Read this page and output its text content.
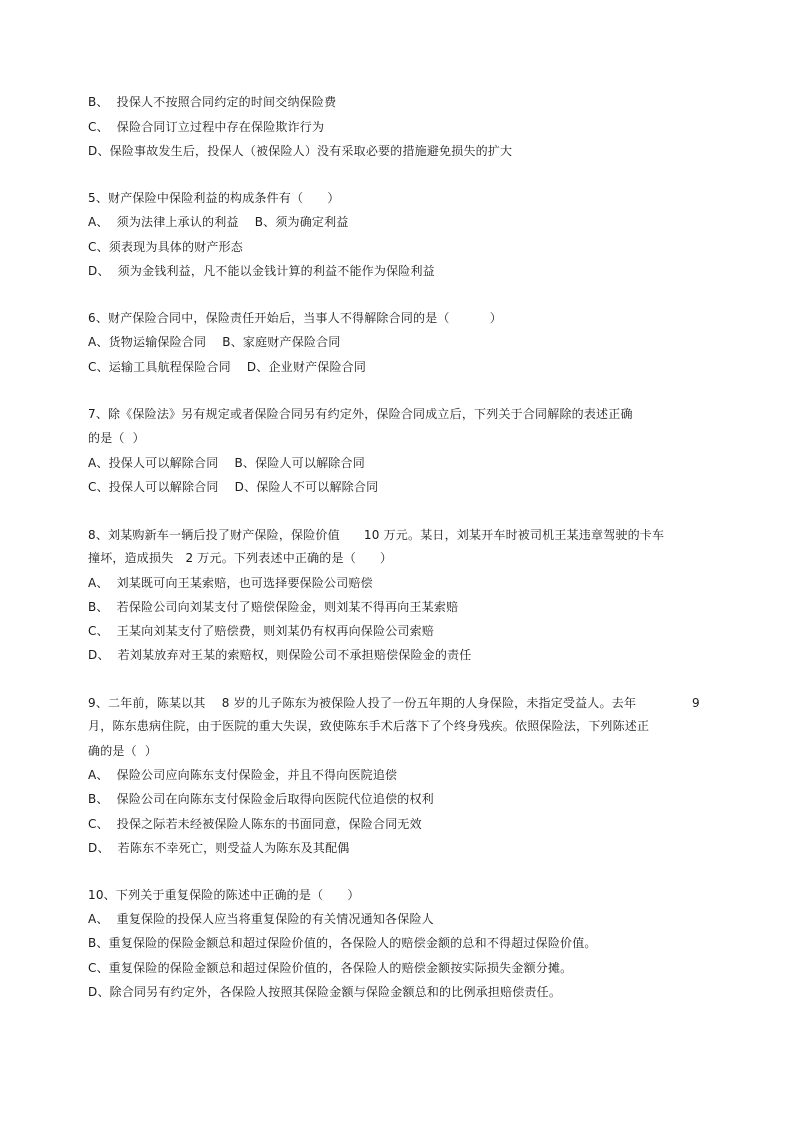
B、  投保人不按照合同约定的时间交纳保险费
C、  保险合同订立过程中存在保险欺诈行为
D、保险事故发生后，投保人（被保险人）没有采取必要的措施避免损失的扩大
5、财产保险中保险利益的构成条件有（      ）
A、  须为法律上承认的利益    B、须为确定利益
C、须表现为具体的财产形态
D、  须为金钱利益，凡不能以金钱计算的利益不能作为保险利益
6、财产保险合同中，保险责任开始后，当事人不得解除合同的是（          ）
A、货物运输保险合同    B、家庭财产保险合同
C、运输工具航程保险合同    D、企业财产保险合同
7、除《保险法》另有规定或者保险合同另有约定外，保险合同成立后，下列关于合同解除的表述正确
的是（  ）
A、投保人可以解除合同    B、保险人可以解除合同
C、投保人可以解除合同    D、保险人不可以解除合同
8、刘某购新车一辆后投了财产保险，保险价值      10 万元。某日，刘某开车时被司机王某违章驾驶的卡车
撞坏，造成损失   2 万元。下列表述中正确的是（      ）
A、  刘某既可向王某索赔，也可选择要保险公司赔偿
B、  若保险公司向刘某支付了赔偿保险金，则刘某不得再向王某索赔
C、  王某向刘某支付了赔偿费，则刘某仍有权再向保险公司索赔
D、  若刘某放弃对王某的索赔权，则保险公司不承担赔偿保险金的责任
9、二年前，陈某以其    8 岁的儿子陈东为被保险人投了一份五年期的人身保险，未指定受益人。去年	9
月，陈东患病住院，由于医院的重大失误，致使陈东手术后落下了个终身残疾。依照保险法，下列陈述正
确的是（  ）
A、  保险公司应向陈东支付保险金，并且不得向医院追偿
B、  保险公司在向陈东支付保险金后取得向医院代位追偿的权利
C、  投保之际若未经被保险人陈东的书面同意，保险合同无效
D、  若陈东不幸死亡，则受益人为陈东及其配偶
10、下列关于重复保险的陈述中正确的是（      ）
A、  重复保险的投保人应当将重复保险的有关情况通知各保险人
B、重复保险的保险金额总和超过保险价值的，各保险人的赔偿金额的总和不得超过保险价值。
C、重复保险的保险金额总和超过保险价值的，各保险人的赔偿金额按实际损失金额分摊。
D、除合同另有约定外，各保险人按照其保险金额与保险金额总和的比例承担赔偿责任。
